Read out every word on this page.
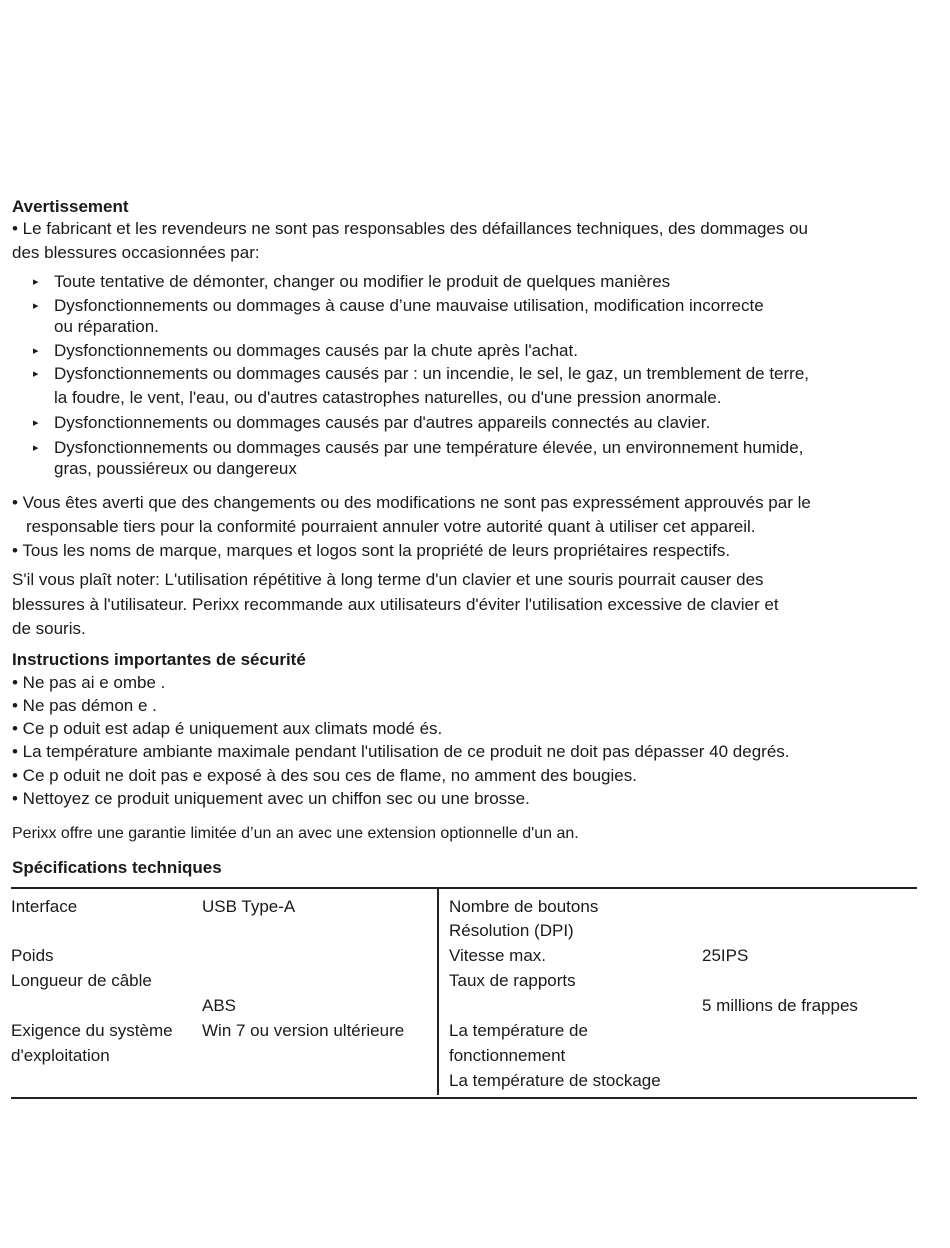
Avertissement
• Le fabricant et les revendeurs ne sont pas responsables des défaillances techniques, des dommages ou
des blessures occasionnées par:
▸ Toute tentative de démonter, changer ou modifier le produit de quelques manières
▸ Dysfonctionnements ou dommages à cause d’une mauvaise utilisation, modification incorrecte
ou réparation.
▸ Dysfonctionnements ou dommages causés par la chute après l'achat.
▸ Dysfonctionnements ou dommages causés par : un incendie, le sel, le gaz, un tremblement de terre,
la foudre, le vent, l'eau, ou d'autres catastrophes naturelles, ou d'une pression anormale.
▸ Dysfonctionnements ou dommages causés par d'autres appareils connectés au clavier.
▸ Dysfonctionnements ou dommages causés par une température élevée, un environnement humide,
gras, poussiéreux ou dangereux
• Vous êtes averti que des changements ou des modifications ne sont pas expressément approuvés par le
responsable tiers pour la conformité pourraient annuler votre autorité quant à utiliser cet appareil.
• Tous les noms de marque, marques et logos sont la propriété de leurs propriétaires respectifs.
S'il vous plaît noter: L'utilisation répétitive à long terme d'un clavier et une souris pourrait causer des
blessures à l'utilisateur. Perixx recommande aux utilisateurs d'éviter l'utilisation excessive de clavier et
de souris.
Instructions importantes de sécurité
• Ne pas ai e ombe .
• Ne pas démon e .
• Ce p oduit est adap é uniquement aux climats modé és.
• La température ambiante maximale pendant l'utilisation de ce produit ne doit pas dépasser 40 degrés.
• Ce p oduit ne doit pas e exposé à des sou ces de flame, no amment des bougies.
• Nettoyez ce produit uniquement avec un chiffon sec ou une brosse.
Perixx offre une garantie limitée d’un an avec une extension optionnelle d'un an.
Spécifications techniques
Interface	USB Type-A
Poids
Longueur de câble
ABS
Exigence du système
d'exploitation
Win 7 ou version ultérieure
Nombre de boutons
Résolution (DPI)
Vitesse max.	25IPS
Taux de rapports
5 millions de frappes
La température de
fonctionnement
La température de stockage
